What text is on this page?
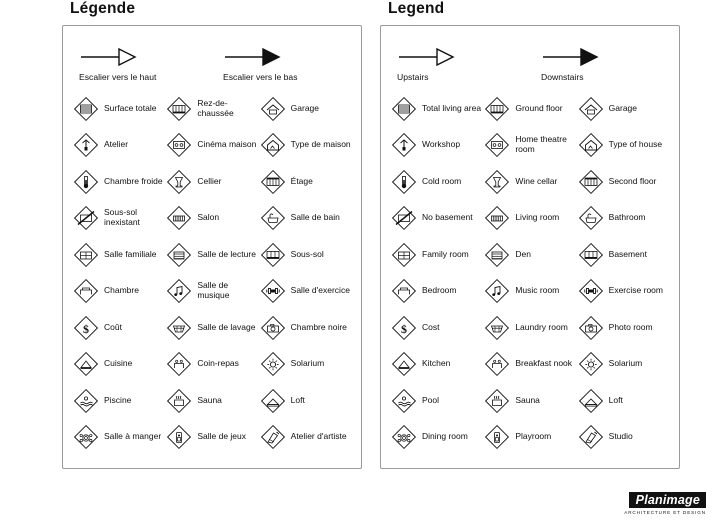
Légende
Escalier vers le haut	Escalier vers le bas
Surface totale	Rez-de-chaussée	Garage
Atelier	Cinéma maison	Type de maison
Chambre froide	Cellier	Étage
Sous-sol inexistant	Salon	Salle de bain
Salle familiale	Salle de lecture	Sous-sol
Chambre	Salle de musique	Salle d'exercice
$ Coût	Salle de lavage	Chambre noire
Cuisine	Coin-repas	Solarium
Piscine	Sauna	Loft
Salle à manger	Salle de jeux	Atelier d'artiste
Legend
Upstairs	Downstairs
Total living area	Ground floor	Garage
Workshop	Home theatre room	Type of house
Cold room	Wine cellar	Second floor
No basement	Living room	Bathroom
Family room	Den	Basement
Bedroom	Music room	Exercise room
$ Cost	Laundry room	Photo room
Kitchen	Breakfast nook	Solarium
Pool	Sauna	Loft
Dining room	Playroom	Studio
Planimage
ARCHITECTURE ET DESIGN
